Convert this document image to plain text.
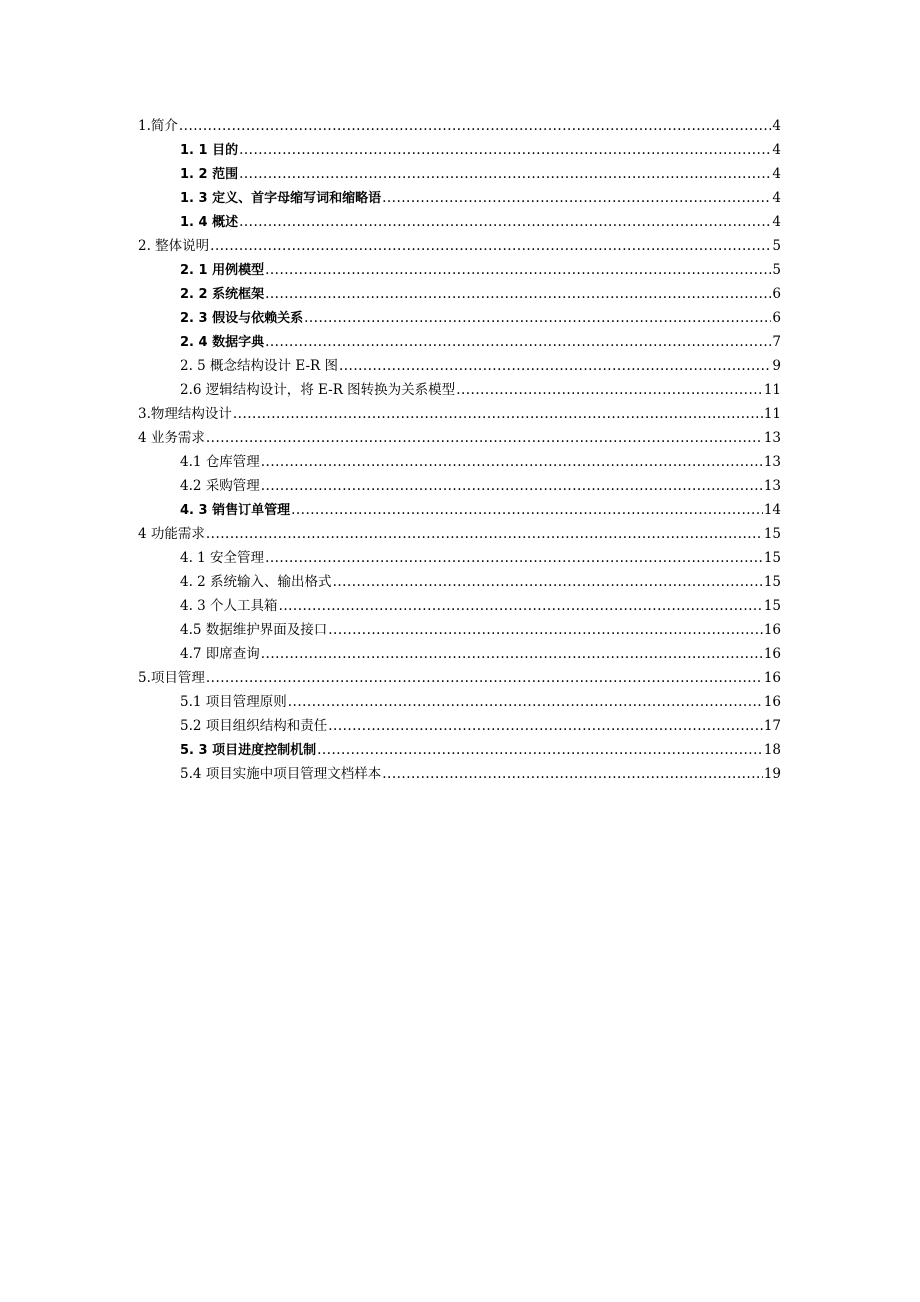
1.简介 .....	4
1. 1 目的 .....	4
1. 2 范围 .....	4
1. 3 定义、首字母缩写词和缩略语 .....	4
1. 4 概述 .....	4
2. 整体说明 .....	5
2. 1 用例模型 .....	5
2. 2 系统框架 .....	6
2. 3 假设与依赖关系 .....	6
2. 4 数据字典 .....	7
2. 5 概念结构设计 E-R 图 .....	9
2.6 逻辑结构设计，将 E-R 图转换为关系模型 .....	11
3.物理结构设计 .....	11
4 业务需求 .....	13
4.1 仓库管理 .....	13
4.2 采购管理 .....	13
4. 3 销售订单管理 .....	14
4 功能需求 .....	15
4. 1 安全管理 .....	15
4. 2 系统输入、输出格式 .....	15
4. 3 个人工具箱 .....	15
4.5 数据维护界面及接口 .....	16
4.7 即席查询 .....	16
5.项目管理 .....	16
5.1 项目管理原则 .....	16
5.2 项目组织结构和责任 .....	17
5. 3 项目进度控制机制 .....	18
5.4 项目实施中项目管理文档样本 .....	19
